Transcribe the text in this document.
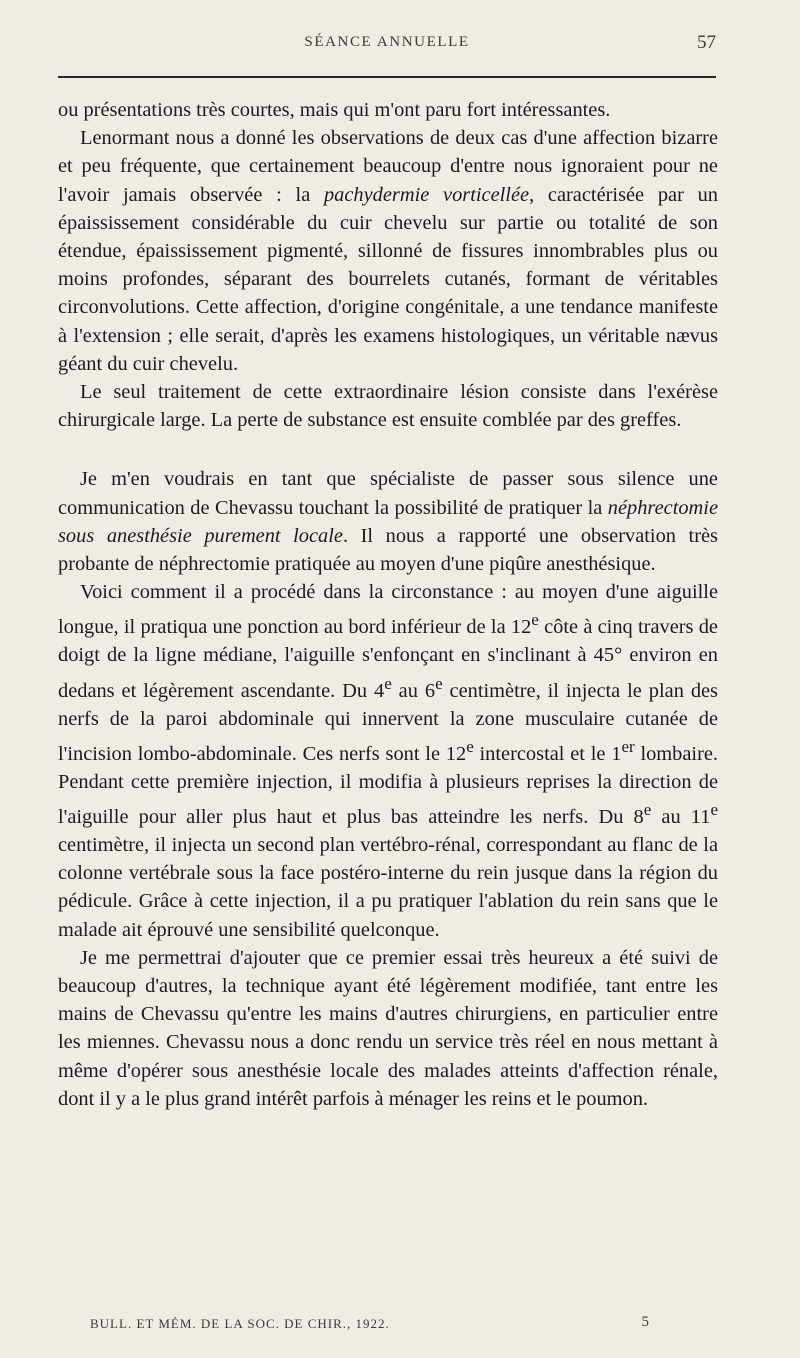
SÉANCE ANNUELLE	57

ou présentations très courtes, mais qui m'ont paru fort intéressantes.

Lenormant nous a donné les observations de deux cas d'une affection bizarre et peu fréquente, que certainement beaucoup d'entre nous ignoraient pour ne l'avoir jamais observée : la pachydermie vorticellée, caractérisée par un épaississement considérable du cuir chevelu sur partie ou totalité de son étendue, épaississement pigmenté, sillonné de fissures innombrables plus ou moins profondes, séparant des bourrelets cutanés, formant de véritables circonvolutions. Cette affection, d'origine congénitale, a une tendance manifeste à l'extension ; elle serait, d'après les examens histologiques, un véritable nævus géant du cuir chevelu.

Le seul traitement de cette extraordinaire lésion consiste dans l'exérèse chirurgicale large. La perte de substance est ensuite comblée par des greffes.

Je m'en voudrais en tant que spécialiste de passer sous silence une communication de Chevassu touchant la possibilité de pratiquer la néphrectomie sous anesthésie purement locale. Il nous a rapporté une observation très probante de néphrectomie pratiquée au moyen d'une piqûre anesthésique.

Voici comment il a procédé dans la circonstance : au moyen d'une aiguille longue, il pratiqua une ponction au bord inférieur de la 12e côte à cinq travers de doigt de la ligne médiane, l'aiguille s'enfonçant en s'inclinant à 45° environ en dedans et légèrement ascendante. Du 4e au 6e centimètre, il injecta le plan des nerfs de la paroi abdominale qui innervent la zone musculaire cutanée de l'incision lombo-abdominale. Ces nerfs sont le 12e intercostal et le 1er lombaire. Pendant cette première injection, il modifia à plusieurs reprises la direction de l'aiguille pour aller plus haut et plus bas atteindre les nerfs. Du 8e au 11e centimètre, il injecta un second plan vertébro-rénal, correspondant au flanc de la colonne vertébrale sous la face postéro-interne du rein jusque dans la région du pédicule. Grâce à cette injection, il a pu pratiquer l'ablation du rein sans que le malade ait éprouvé une sensibilité quelconque.

Je me permettrai d'ajouter que ce premier essai très heureux a été suivi de beaucoup d'autres, la technique ayant été légèrement modifiée, tant entre les mains de Chevassu qu'entre les mains d'autres chirurgiens, en particulier entre les miennes. Chevassu nous a donc rendu un service très réel en nous mettant à même d'opérer sous anesthésie locale des malades atteints d'affection rénale, dont il y a le plus grand intérêt parfois à ménager les reins et le poumon.

BULL. ET MÉM. DE LA SOC. DE CHIR., 1922.	5
